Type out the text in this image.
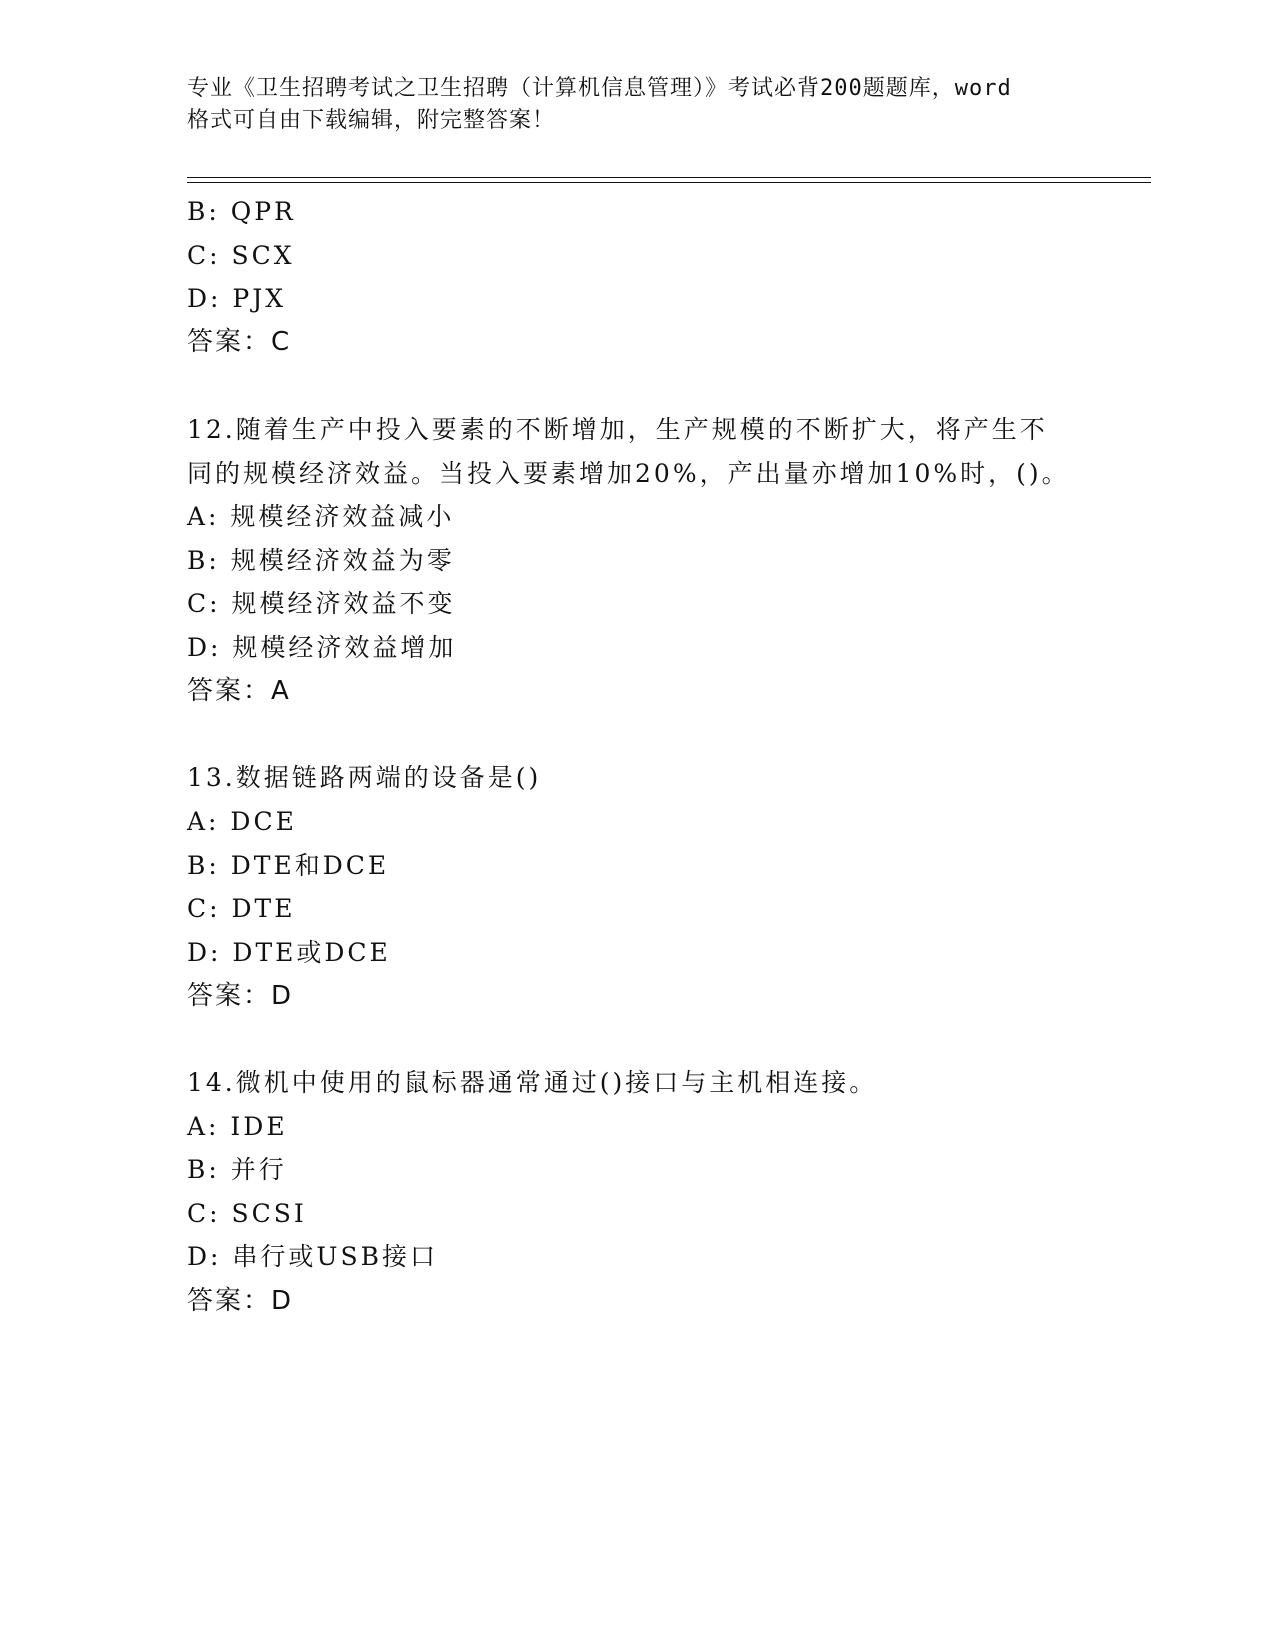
专业《卫生招聘考试之卫生招聘（计算机信息管理）》考试必背200题题库，word
格式可自由下载编辑，附完整答案！
B: QPR
C: SCX
D: PJX
答案：C
12.随着生产中投入要素的不断增加，生产规模的不断扩大，将产生不
同的规模经济效益。当投入要素增加20%，产出量亦增加10%时，()。
A: 规模经济效益减小
B: 规模经济效益为零
C: 规模经济效益不变
D: 规模经济效益增加
答案：A
13.数据链路两端的设备是()
A: DCE
B: DTE和DCE
C: DTE
D: DTE或DCE
答案：D
14.微机中使用的鼠标器通常通过()接口与主机相连接。
A: IDE
B: 并行
C: SCSI
D: 串行或USB接口
答案：D
